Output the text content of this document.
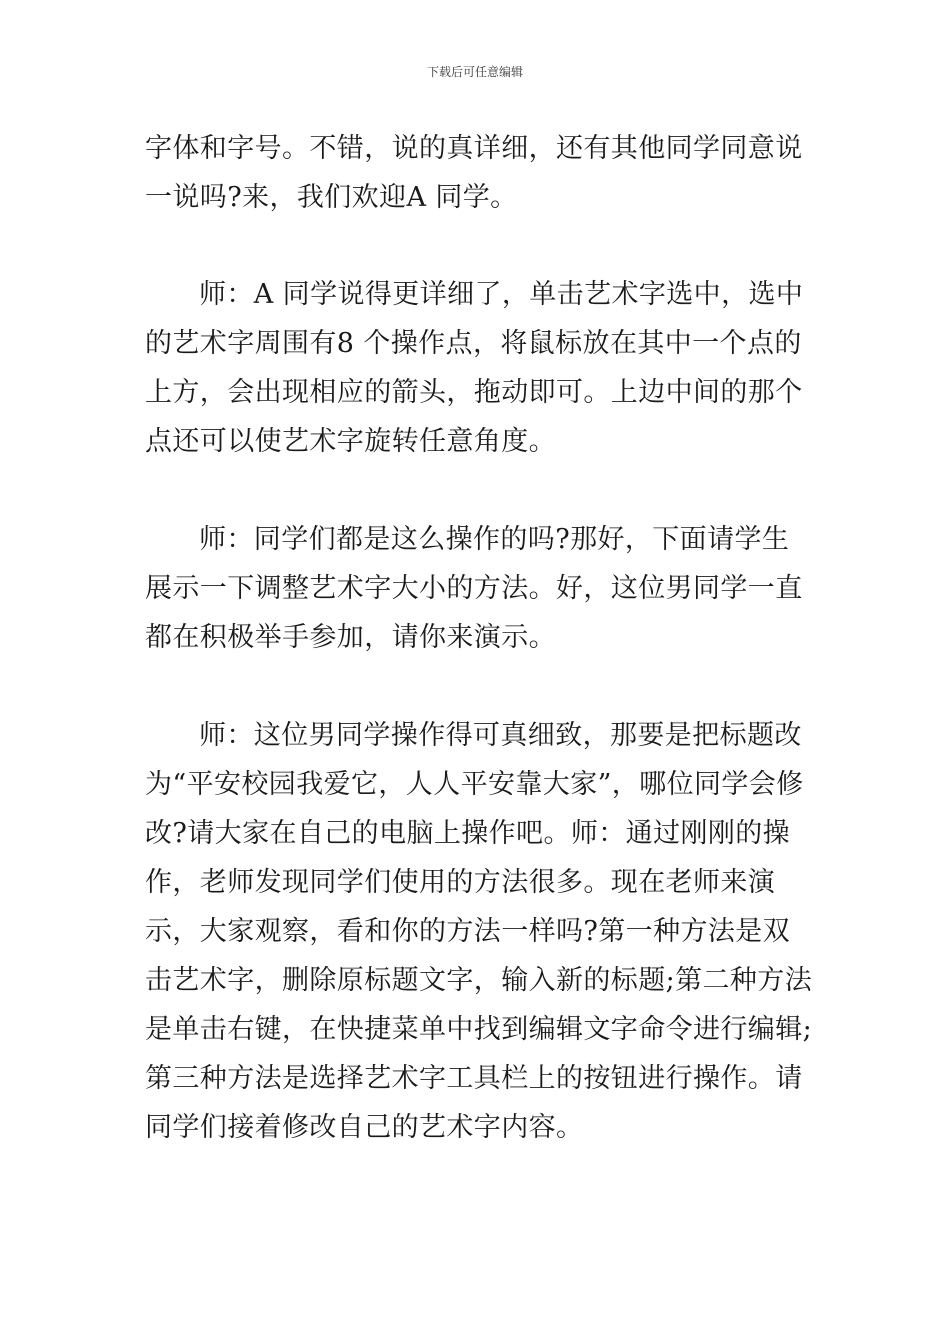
下载后可任意编辑

字体和字号。不错，说的真详细，还有其他同学同意说一说吗?来，我们欢迎A 同学。

师：A 同学说得更详细了，单击艺术字选中，选中的艺术字周围有8 个操作点，将鼠标放在其中一个点的上方，会出现相应的箭头，拖动即可。上边中间的那个点还可以使艺术字旋转任意角度。

师：同学们都是这么操作的吗?那好，下面请学生展示一下调整艺术字大小的方法。好，这位男同学一直都在积极举手参加，请你来演示。

师：这位男同学操作得可真细致，那要是把标题改为“平安校园我爱它，人人平安靠大家”，哪位同学会修改?请大家在自己的电脑上操作吧。师：通过刚刚的操作，老师发现同学们使用的方法很多。现在老师来演示，大家观察，看和你的方法一样吗?第一种方法是双击艺术字，删除原标题文字，输入新的标题;第二种方法是单击右键，在快捷菜单中找到编辑文字命令进行编辑;第三种方法是选择艺术字工具栏上的按钮进行操作。请同学们接着修改自己的艺术字内容。
